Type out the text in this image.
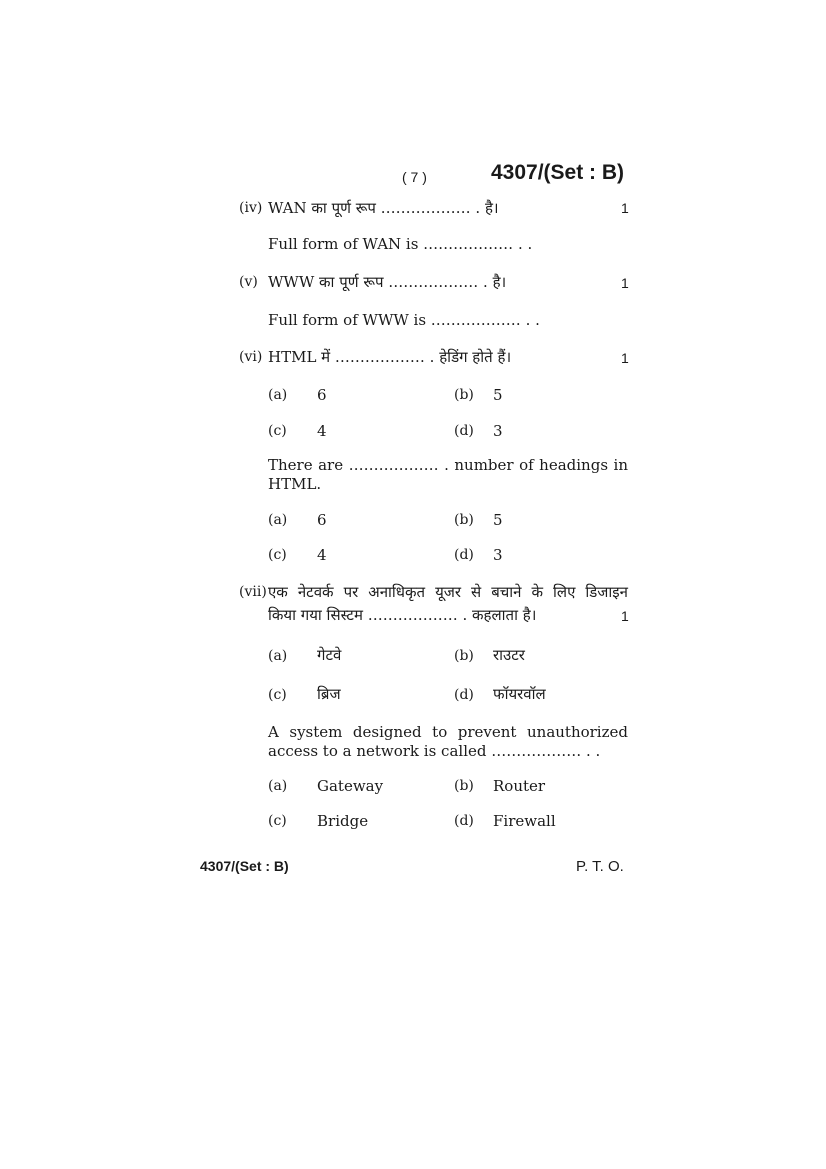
( 7 )	4307/(Set : B)
(iv) WAN का पूर्ण रूप ……………… . है।	1
Full form of WAN is ……………… . .
(v) WWW का पूर्ण रूप ……………… . है।	1
Full form of WWW is ……………… . .
(vi) HTML में ……………… . हेडिंग होते हैं।	1
(a) 6	(b) 5
(c) 4	(d) 3
There are ……………… . number of headings in
HTML.
(a) 6	(b) 5
(c) 4	(d) 3
(vii) एक नेटवर्क पर अनाधिकृत यूजर से बचाने के लिए डिजाइन
किया गया सिस्टम ……………… . कहलाता है।	1
(a) गेटवे	(b) राउटर
(c) ब्रिज	(d) फॉयरवॉल
A system designed to prevent unauthorized
access to a network is called ……………… . .
(a) Gateway	(b) Router
(c) Bridge	(d) Firewall
4307/(Set : B)	P. T. O.
